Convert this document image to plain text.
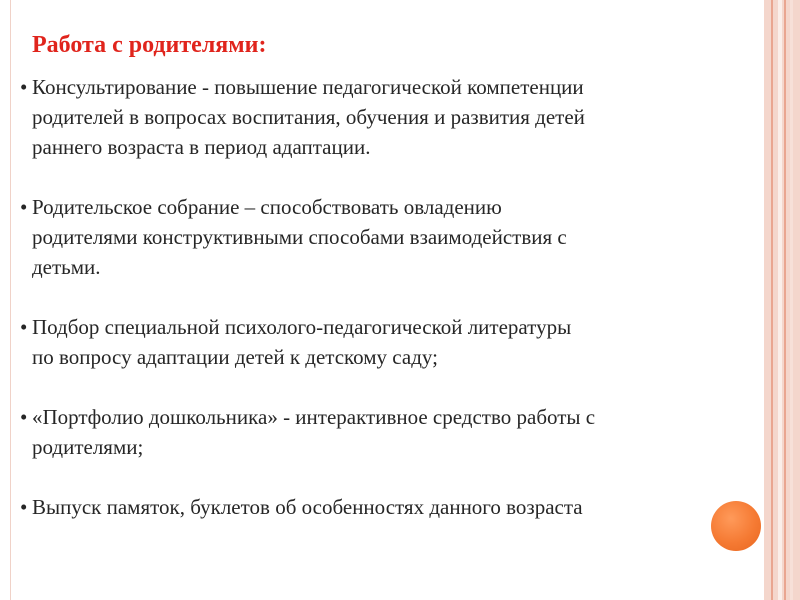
Работа с родителями:
• Консультирование - повышение педагогической компетенции
родителей в вопросах воспитания, обучения и развития детей
раннего возраста в период адаптации.
• Родительское собрание – способствовать овладению
родителями конструктивными способами взаимодействия с
детьми.
• Подбор специальной психолого-педагогической литературы
по вопросу адаптации детей к детскому саду;
• «Портфолио дошкольника» - интерактивное средство работы с
родителями;
• Выпуск памяток, буклетов об особенностях данного возраста
